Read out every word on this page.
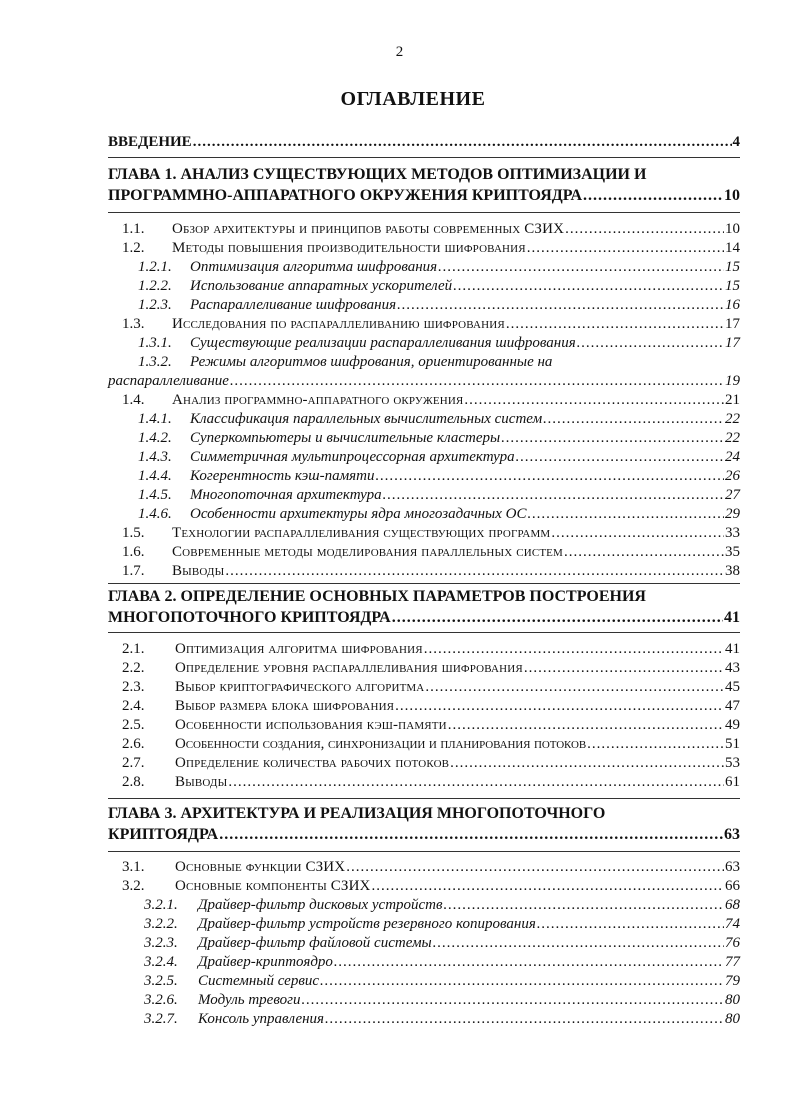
2
ОГЛАВЛЕНИЕ
ВВЕДЕНИЕ .....	4
ГЛАВА 1. АНАЛИЗ СУЩЕСТВУЮЩИХ МЕТОДОВ ОПТИМИЗАЦИИ И
ПРОГРАММНО-АППАРАТНОГО ОКРУЖЕНИЯ КРИПТОЯДРА .....	10
1.1.	Обзор архитектуры и принципов работы современных СЗИХ .....	10
1.2.	Методы повышения производительности шифрования .....	14
1.2.1.	Оптимизация алгоритма шифрования .....	15
1.2.2.	Использование аппаратных ускорителей .....	15
1.2.3.	Распараллеливание шифрования .....	16
1.3.	Исследования по распараллеливанию шифрования .....	17
1.3.1.	Существующие реализации распараллеливания шифрования .....	17
1.3.2. Режимы алгоритмов шифрования, ориентированные на
распараллеливание .....	19
1.4.	Анализ программно-аппаратного окружения .....	21
1.4.1.	Классификация параллельных вычислительных систем .....	22
1.4.2.	Суперкомпьютеры и вычислительные кластеры .....	22
1.4.3.	Симметричная мультипроцессорная архитектура .....	24
1.4.4.	Когерентность кэш-памяти .....	26
1.4.5.	Многопоточная архитектура .....	27
1.4.6.	Особенности архитектуры ядра многозадачных ОС .....	29
1.5.	Технологии распараллеливания существующих программ .....	33
1.6.	Современные методы моделирования параллельных систем .....	35
1.7.	Выводы .....	38
ГЛАВА 2. ОПРЕДЕЛЕНИЕ ОСНОВНЫХ ПАРАМЕТРОВ ПОСТРОЕНИЯ
МНОГОПОТОЧНОГО КРИПТОЯДРА .....	41
2.1.	Оптимизация алгоритма шифрования .....	41
2.2.	Определение уровня распараллеливания шифрования .....	43
2.3.	Выбор криптографического алгоритма .....	45
2.4.	Выбор размера блока шифрования .....	47
2.5.	Особенности использования кэш-памяти .....	49
2.6.	Особенности создания, синхронизации и планирования потоков .....	51
2.7.	Определение количества рабочих потоков .....	53
2.8.	Выводы .....	61
ГЛАВА 3. АРХИТЕКТУРА И РЕАЛИЗАЦИЯ МНОГОПОТОЧНОГО
КРИПТОЯДРА .....	63
3.1.	Основные функции СЗИХ .....	63
3.2.	Основные компоненты СЗИХ .....	66
3.2.1.	Драйвер-фильтр дисковых устройств .....	68
3.2.2.	Драйвер-фильтр устройств резервного копирования .....	74
3.2.3.	Драйвер-фильтр файловой системы .....	76
3.2.4.	Драйвер-криптоядро .....	77
3.2.5.	Системный сервис .....	79
3.2.6.	Модуль тревоги .....	80
3.2.7.	Консоль управления .....	80
